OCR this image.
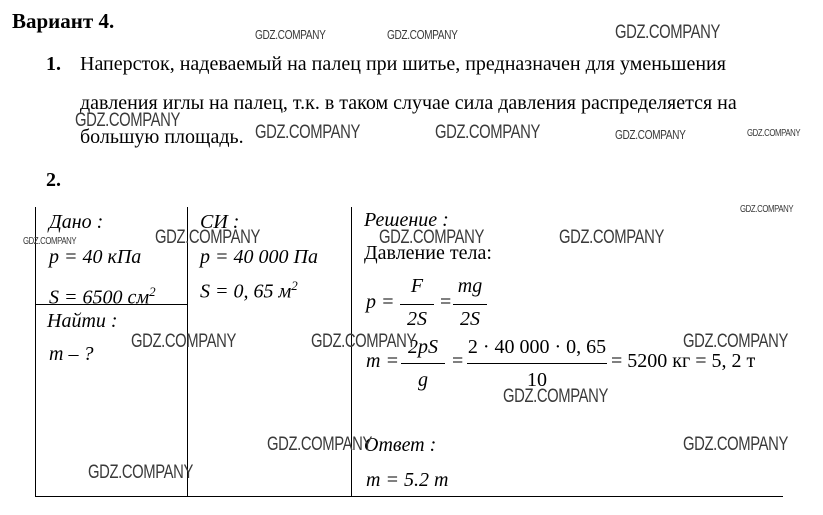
Вариант 4.
1. Наперсток, надеваемый на палец при шитье, предназначен для уменьшения
давления иглы на палец, т.к. в таком случае сила давления распределяется на
большую площадь.
2.
Дано :
p = 40 кПа
S = 6500 $см^2$
Найти :
m – ?
СИ :
p = 40 000 Па
S = 0, 65 $м^2$
Решение :
Давление тела:
p =
F
2S
=
mg
2S
m =
2pS
g
=
2 · 40 000 · 0, 65
10
= 5200 кг = 5, 2 т
Ответ :
m = 5.2 т
GDZ.COMPANY	GDZ.COMPANY	GDZ.COMPANY
GDZ.COMPANY
GDZ.COMPANY	GDZ.COMPANY	GDZ.COMPANY	GDZ.COMPANY
GDZ.COMPANY
GDZ.COMPANY	GDZ.COMPANY	GDZ.COMPANY	GDZ.COMPANY
GDZ.COMPANY	GDZ.COMPANY	GDZ.COMPANY
GDZ.COMPANY
GDZ.COMPANY	GDZ.COMPANY
GDZ.COMPANY
